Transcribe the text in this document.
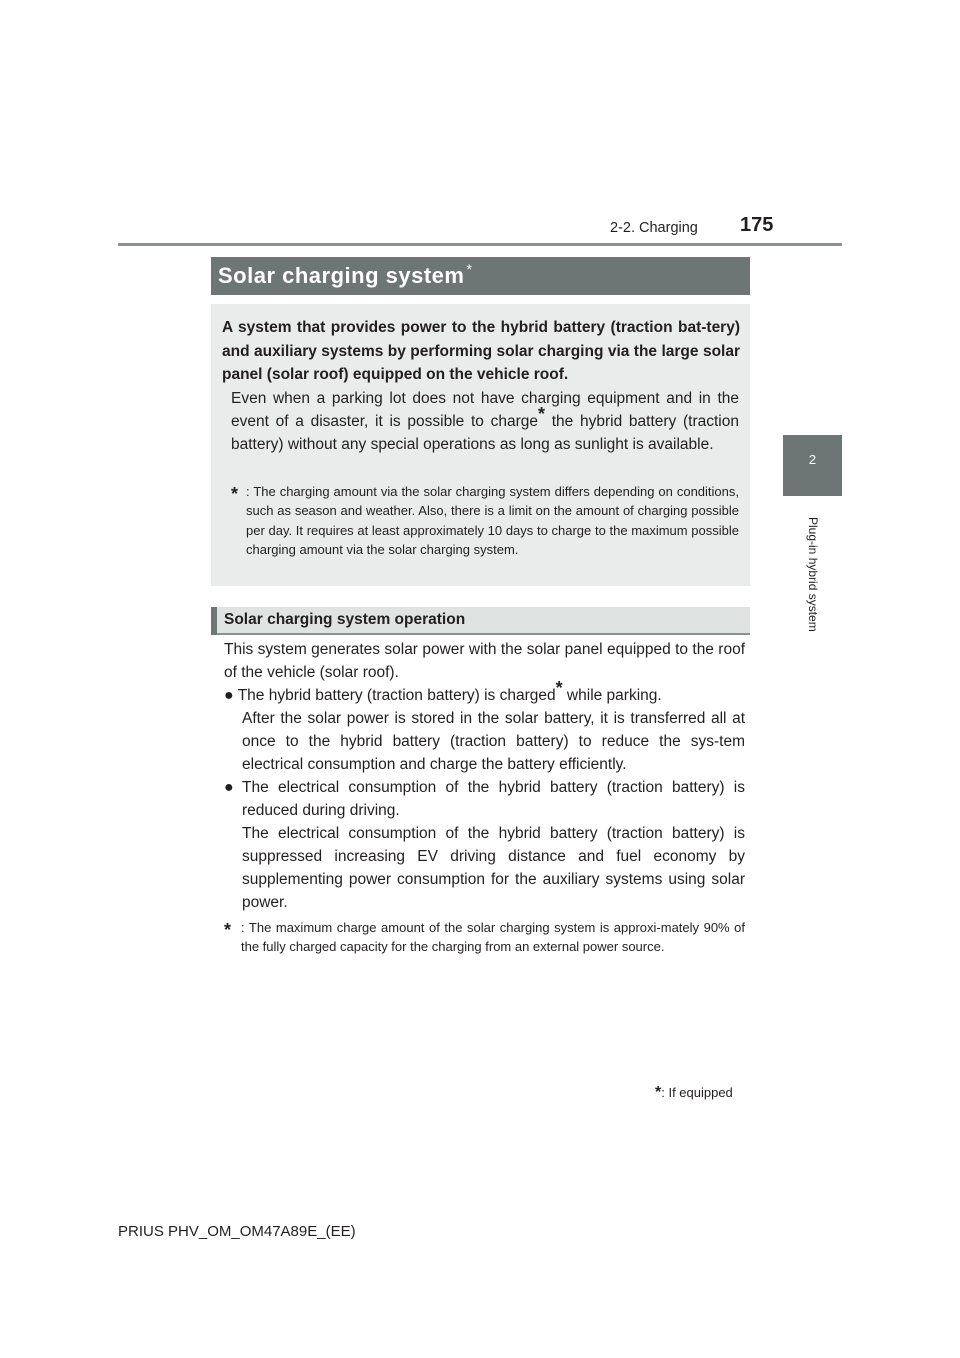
2-2. Charging 175
2
Plug-in hybrid system
Solar charging system *
A system that provides power to the hybrid battery (traction bat-tery) and auxiliary systems by performing solar charging via the large solar panel (solar roof) equipped on the vehicle roof.
Even when a parking lot does not have charging equipment and in the event of a disaster, it is possible to charge* the hybrid battery (traction battery) without any special operations as long as sunlight is available.
* : The charging amount via the solar charging system differs depending on conditions, such as season and weather. Also, there is a limit on the amount of charging possible per day. It requires at least approximately 10 days to charge to the maximum possible charging amount via the solar charging system.
Solar charging system operation
This system generates solar power with the solar panel equipped to the roof of the vehicle (solar roof).
● The hybrid battery (traction battery) is charged* while parking.
After the solar power is stored in the solar battery, it is transferred all at once to the hybrid battery (traction battery) to reduce the sys-tem electrical consumption and charge the battery efficiently.
●	The electrical consumption of the hybrid battery (traction battery) is reduced during driving.
The electrical consumption of the hybrid battery (traction battery) is suppressed increasing EV driving distance and fuel economy by supplementing power consumption for the auxiliary systems using solar power.
* : The maximum charge amount of the solar charging system is approxi-mately 90% of the fully charged capacity for the charging from an external power source.
*: If equipped
PRIUS PHV_OM_OM47A89E_(EE)
